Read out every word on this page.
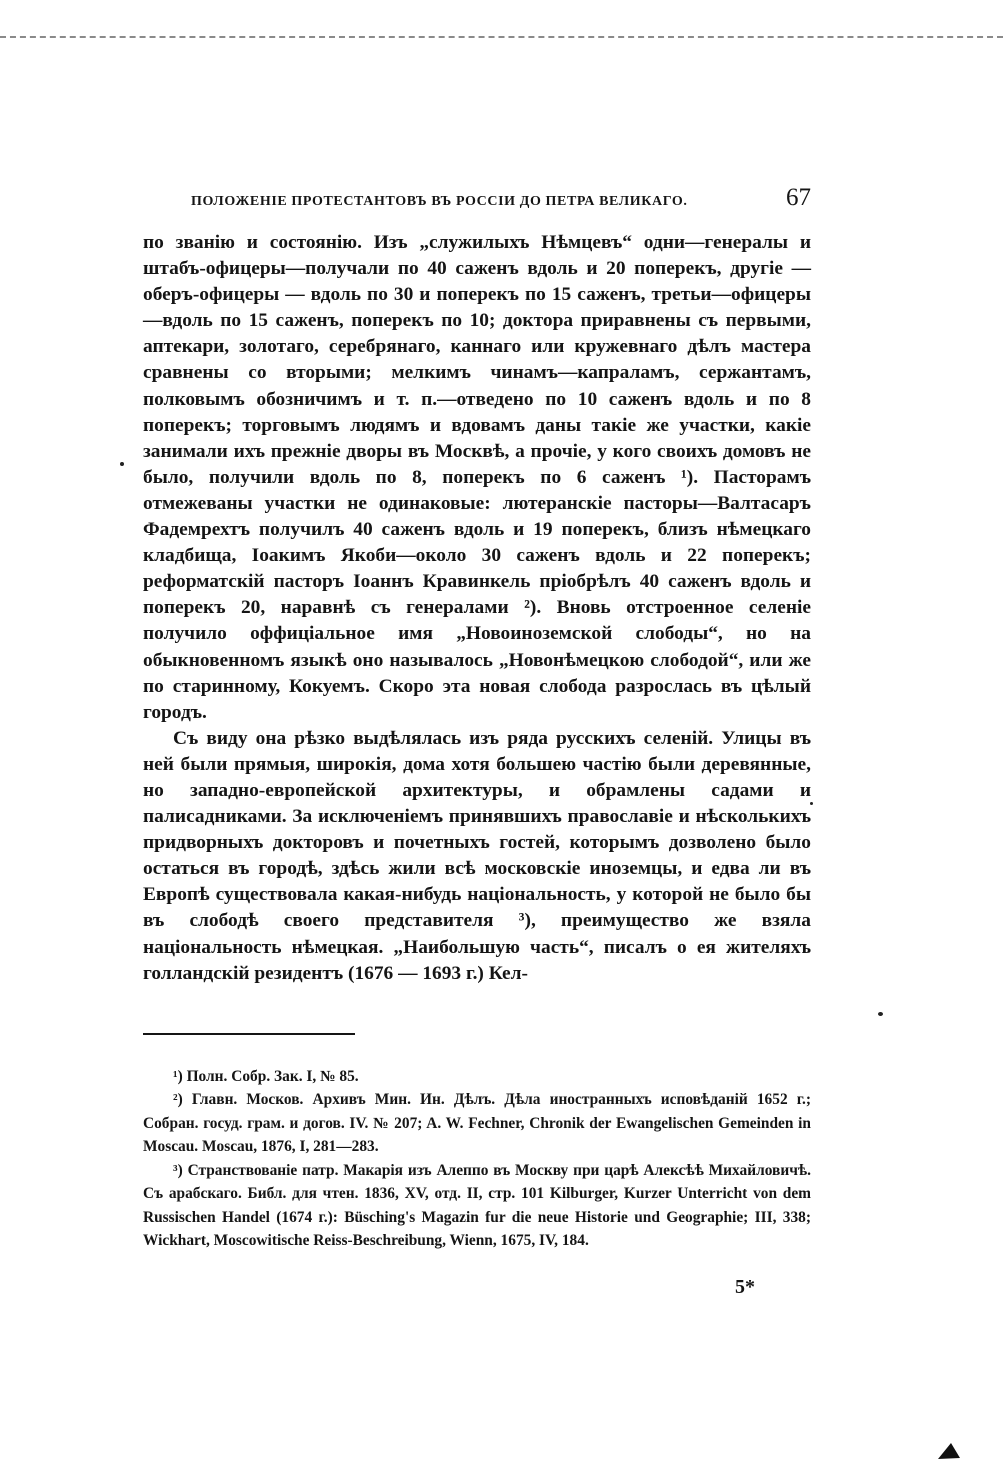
ПОЛОЖЕНІЕ ПРОТЕСТАНТОВЪ ВЪ РОССІИ ДО ПЕТРА ВЕЛИКАГО.	67

по званію и состоянію. Изъ „служилыхъ Нѣмцевъ“ одни—генералы и штабъ-офицеры—получали по 40 саженъ вдоль и 20 поперекъ, другіе — оберъ-офицеры — вдоль по 30 и поперекъ по 15 саженъ, третьи—офицеры—вдоль по 15 саженъ, поперекъ по 10; доктора приравнены съ первыми, аптекари, золотаго, серебрянаго, каннаго или кружевнаго дѣлъ мастера сравнены со вторыми; мелкимъ чинамъ—капраламъ, сержантамъ, полковымъ обозничимъ и т. п.—отведено по 10 саженъ вдоль и по 8 поперекъ; торговымъ людямъ и вдовамъ даны такіе же участки, какіе занимали ихъ прежніе дворы въ Москвѣ, а прочіе, у кого своихъ домовъ не было, получили вдоль по 8, поперекъ по 6 саженъ ¹). Пасторамъ отмежеваны участки не одинаковые: лютеранскіе пасторы—Валтасаръ Фадемрехтъ получилъ 40 саженъ вдоль и 19 поперекъ, близъ нѣмецкаго кладбища, Іоакимъ Якоби—около 30 саженъ вдоль и 22 поперекъ; реформатскій пасторъ Іоаннъ Кравинкель пріобрѣлъ 40 саженъ вдоль и поперекъ 20, наравнѣ съ генералами ²). Вновь отстроенное селеніе получило оффиціальное имя „Новоиноземской слободы“, но на обыкновенномъ языкѣ оно называлось „Новонѣмецкою слободой“, или же по старинному, Кокуемъ. Скоро эта новая слобода разрослась въ цѣлый городъ.

Съ виду она рѣзко выдѣлялась изъ ряда русскихъ селеній. Улицы въ ней были прямыя, широкія, дома хотя большею частію были деревянные, но западно-европейской архитектуры, и обрамлены садами и палисадниками. За исключеніемъ принявшихъ православіе и нѣсколькихъ придворныхъ докторовъ и почетныхъ гостей, которымъ дозволено было остаться въ городѣ, здѣсь жили всѣ московскіе иноземцы, и едва ли въ Европѣ существовала какая-нибудь національность, у которой не было бы въ слободѣ своего представителя ³), преимущество же взяла національность нѣмецкая. „Наибольшую часть“, писалъ о ея жителяхъ голландскій резидентъ (1676 — 1693 г.) Кел-

¹) Полн. Собр. Зак. I, № 85.

²) Главн. Москов. Архивъ Мин. Ин. Дѣлъ. Дѣла иностранныхъ исповѣданій 1652 г.; Собран. госуд. грам. и догов. IV. № 207; A. W. Fechner, Chronik der Ewangelischen Gemeinden in Moscau. Moscau, 1876, I, 281—283.

³) Странствованіе патр. Макарія изъ Алеппо въ Москву при царѣ Алексѣѣ Михайловичѣ. Съ арабскаго. Библ. для чтен. 1836, XV, отд. II, стр. 101 Kilburger, Kurzer Unterricht von dem Russischen Handel (1674 г.): Büsching's Magazin fur die neue Historie und Geographie; III, 338; Wickhart, Moscowitische Reiss-Beschreibung, Wienn, 1675, IV, 184.

5*
